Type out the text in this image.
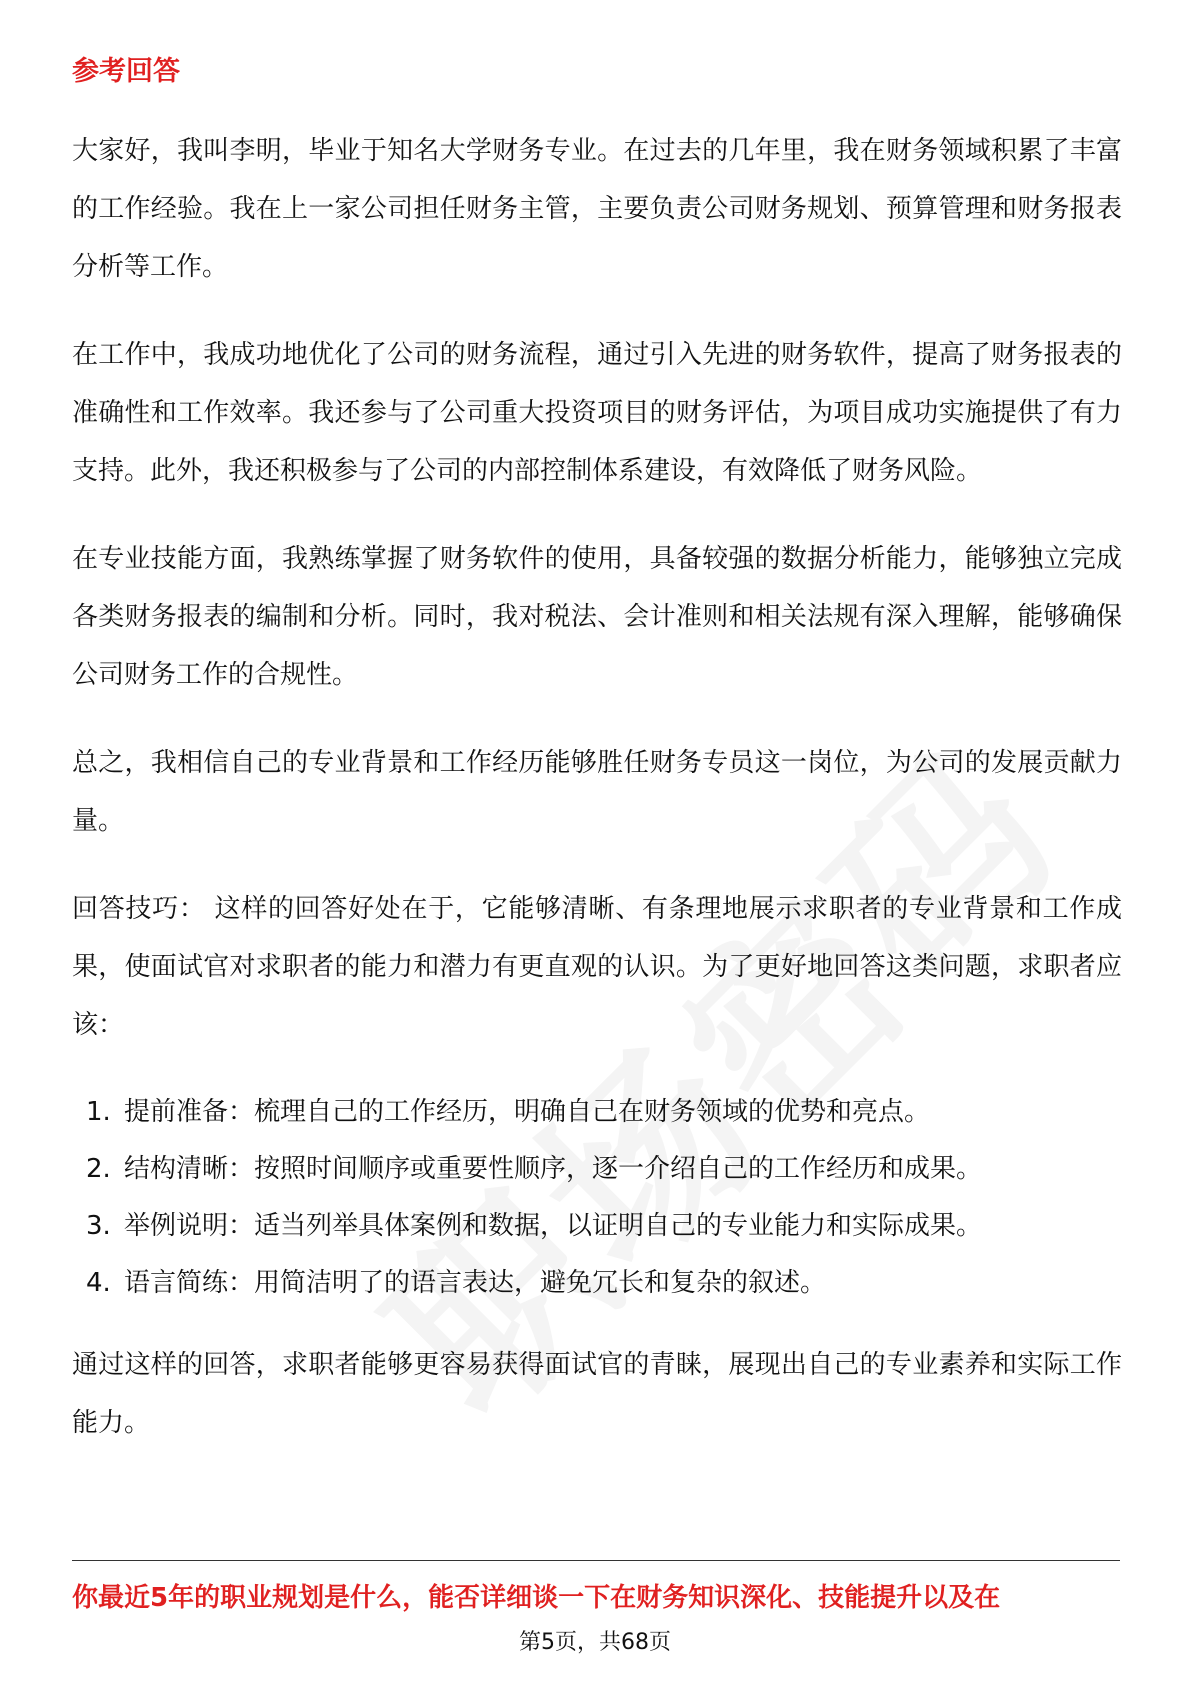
参考回答

大家好，我叫李明，毕业于知名大学财务专业。在过去的几年里，我在财务领域积累了丰富的工作经验。我在上一家公司担任财务主管，主要负责公司财务规划、预算管理和财务报表分析等工作。

在工作中，我成功地优化了公司的财务流程，通过引入先进的财务软件，提高了财务报表的准确性和工作效率。我还参与了公司重大投资项目的财务评估，为项目成功实施提供了有力支持。此外，我还积极参与了公司的内部控制体系建设，有效降低了财务风险。

在专业技能方面，我熟练掌握了财务软件的使用，具备较强的数据分析能力，能够独立完成各类财务报表的编制和分析。同时，我对税法、会计准则和相关法规有深入理解，能够确保公司财务工作的合规性。

总之，我相信自己的专业背景和工作经历能够胜任财务专员这一岗位，为公司的发展贡献力量。

回答技巧： 这样的回答好处在于，它能够清晰、有条理地展示求职者的专业背景和工作成果，使面试官对求职者的能力和潜力有更直观的认识。为了更好地回答这类问题，求职者应该：

1. 提前准备：梳理自己的工作经历，明确自己在财务领域的优势和亮点。
2. 结构清晰：按照时间顺序或重要性顺序，逐一介绍自己的工作经历和成果。
3. 举例说明：适当列举具体案例和数据，以证明自己的专业能力和实际成果。
4. 语言简练：用简洁明了的语言表达，避免冗长和复杂的叙述。

通过这样的回答，求职者能够更容易获得面试官的青睐，展现出自己的专业素养和实际工作能力。

你最近5年的职业规划是什么，能否详细谈一下在财务知识深化、技能提升以及在
第5页，共68页
